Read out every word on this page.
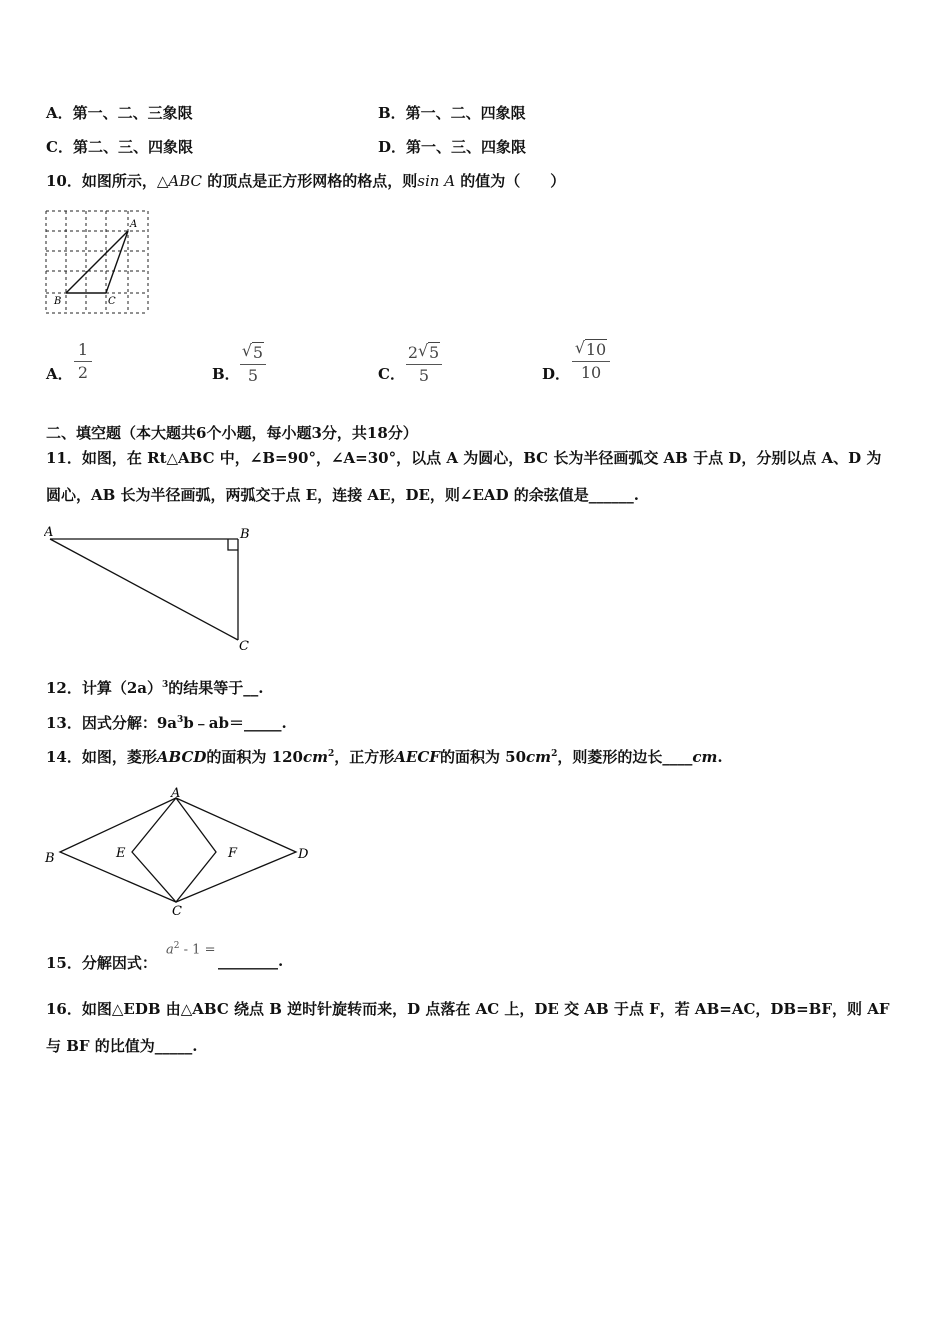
A．第一、二、三象限	B．第一、二、四象限
C．第二、三、四象限	D．第一、三、四象限
10．如图所示，△ABC 的顶点是正方形网格的格点，则sin A 的值为（　　）
A
B	C
A．
1
2	B．
√ 5
5	C．
2√ 5
5	D．
√ 10
10
二、填空题（本大题共6个小题，每小题3分，共18分）
11．如图，在 Rt△ABC 中，∠B=90°，∠A=30°，以点 A 为圆心，BC 长为半径画弧交 AB 于点 D，分别以点 A、D 为
圆心，AB 长为半径画弧，两弧交于点 E，连接 AE，DE，则∠EAD 的余弦值是______.
A	B
C
12．计算$(2a)^3$的结果等于__.
13．因式分解：$9a^3b﹣ab=\_\_\_\_\_$.
14．如图，菱形ABCD的面积为 $120cm^2$，正方形AECF的面积为 $50cm^2$，则菱形的边长____cm.
A
B
C
D
E	F
15．分解因式：
$a^2 - 1$ =
________.
16．如图△EDB 由△ABC 绕点 B 逆时针旋转而来，D 点落在 AC 上，DE 交 AB 于点 F，若 AB=AC，DB=BF，则 AF
与 BF 的比值为_____.
